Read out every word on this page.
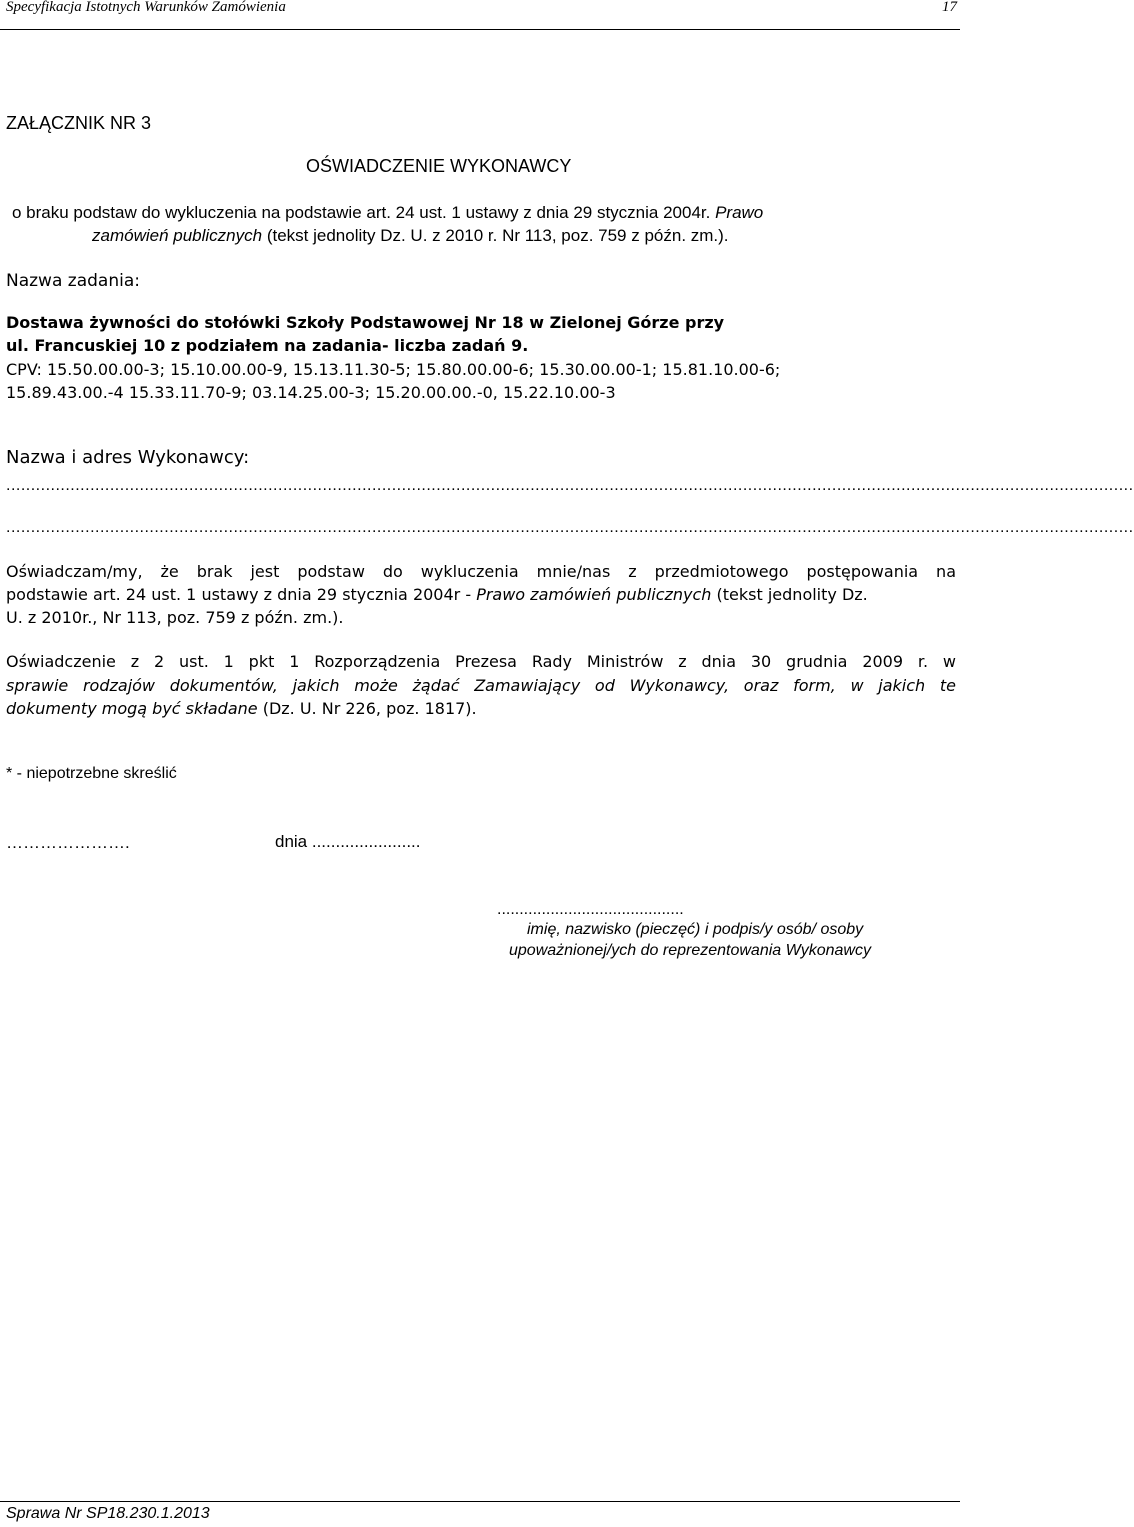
Specyfikacja Istotnych Warunków Zamówienia	17
ZAŁĄCZNIK NR 3
OŚWIADCZENIE WYKONAWCY
o braku podstaw do wykluczenia na podstawie art. 24 ust. 1 ustawy z dnia 29 stycznia 2004r. Prawo
zamówień publicznych (tekst jednolity Dz. U. z 2010 r. Nr 113, poz. 759 z późn. zm.).
Nazwa zadania:
Dostawa żywności do stołówki Szkoły Podstawowej Nr 18 w Zielonej Górze przy
ul. Francuskiej 10 z podziałem na zadania- liczba zadań 9.
CPV: 15.50.00.00-3; 15.10.00.00-9, 15.13.11.30-5; 15.80.00.00-6; 15.30.00.00-1; 15.81.10.00-6;
15.89.43.00.-4 15.33.11.70-9; 03.14.25.00-3; 15.20.00.00.-0, 15.22.10.00-3
Nazwa i adres Wykonawcy:
....................................................................................................................................................................................................................................
....................................................................................................................................................................................................................................
Oświadczam/my, że brak jest podstaw do wykluczenia mnie/nas z przedmiotowego postępowania na
podstawie art. 24 ust. 1 ustawy z dnia 29 stycznia 2004r - Prawo zamówień publicznych (tekst jednolity Dz.
U. z 2010r., Nr 113, poz. 759 z późn. zm.).
Oświadczenie z 2 ust. 1 pkt 1 Rozporządzenia Prezesa Rady Ministrów z dnia 30 grudnia 2009 r. w
sprawie rodzajów dokumentów, jakich może żądać Zamawiający od Wykonawcy, oraz form, w jakich te
dokumenty mogą być składane (Dz. U. Nr 226, poz. 1817).
* - niepotrzebne skreślić
………………….	dnia .......................
..........................................
imię, nazwisko (pieczęć) i podpis/y osób/ osoby
upoważnionej/ych do reprezentowania Wykonawcy
Sprawa Nr SP18.230.1.2013
